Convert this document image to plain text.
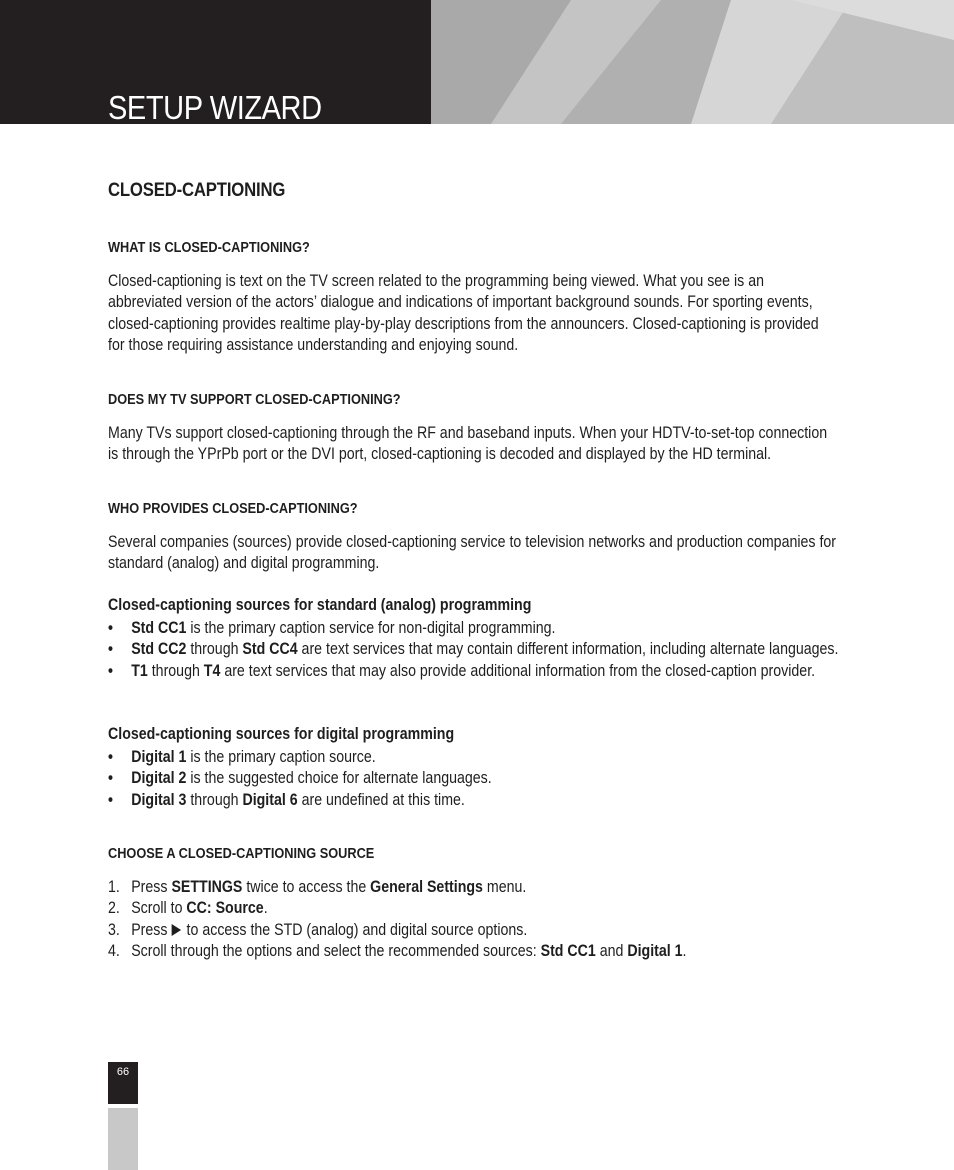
SETUP WIZARD
CLOSED-CAPTIONING
WHAT IS CLOSED-CAPTIONING?
Closed-captioning is text on the TV screen related to the programming being viewed. What you see is an
abbreviated version of the actors’ dialogue and indications of important background sounds. For sporting events,
closed-captioning provides realtime play-by-play descriptions from the announcers. Closed-captioning is provided
for those requiring assistance understanding and enjoying sound.
DOES MY TV SUPPORT CLOSED-CAPTIONING?
Many TVs support closed-captioning through the RF and baseband inputs. When your HDTV-to-set-top connection
is through the YPrPb port or the DVI port, closed-captioning is decoded and displayed by the HD terminal.
WHO PROVIDES CLOSED-CAPTIONING?
Several companies (sources) provide closed-captioning service to television networks and production companies for
standard (analog) and digital programming.
Closed-captioning sources for standard (analog) programming
• Std CC1 is the primary caption service for non-digital programming.
• Std CC2 through Std CC4 are text services that may contain different information, including alternate languages.
• T1 through T4 are text services that may also provide additional information from the closed-caption provider.
Closed-captioning sources for digital programming
• Digital 1 is the primary caption source.
• Digital 2 is the suggested choice for alternate languages.
• Digital 3 through Digital 6 are undefined at this time.
CHOOSE A CLOSED-CAPTIONING SOURCE
1. Press SETTINGS twice to access the General Settings menu.
2. Scroll to CC: Source.
3. Press  to access the STD (analog) and digital source options.
4. Scroll through the options and select the recommended sources: Std CC1 and Digital 1.
66
